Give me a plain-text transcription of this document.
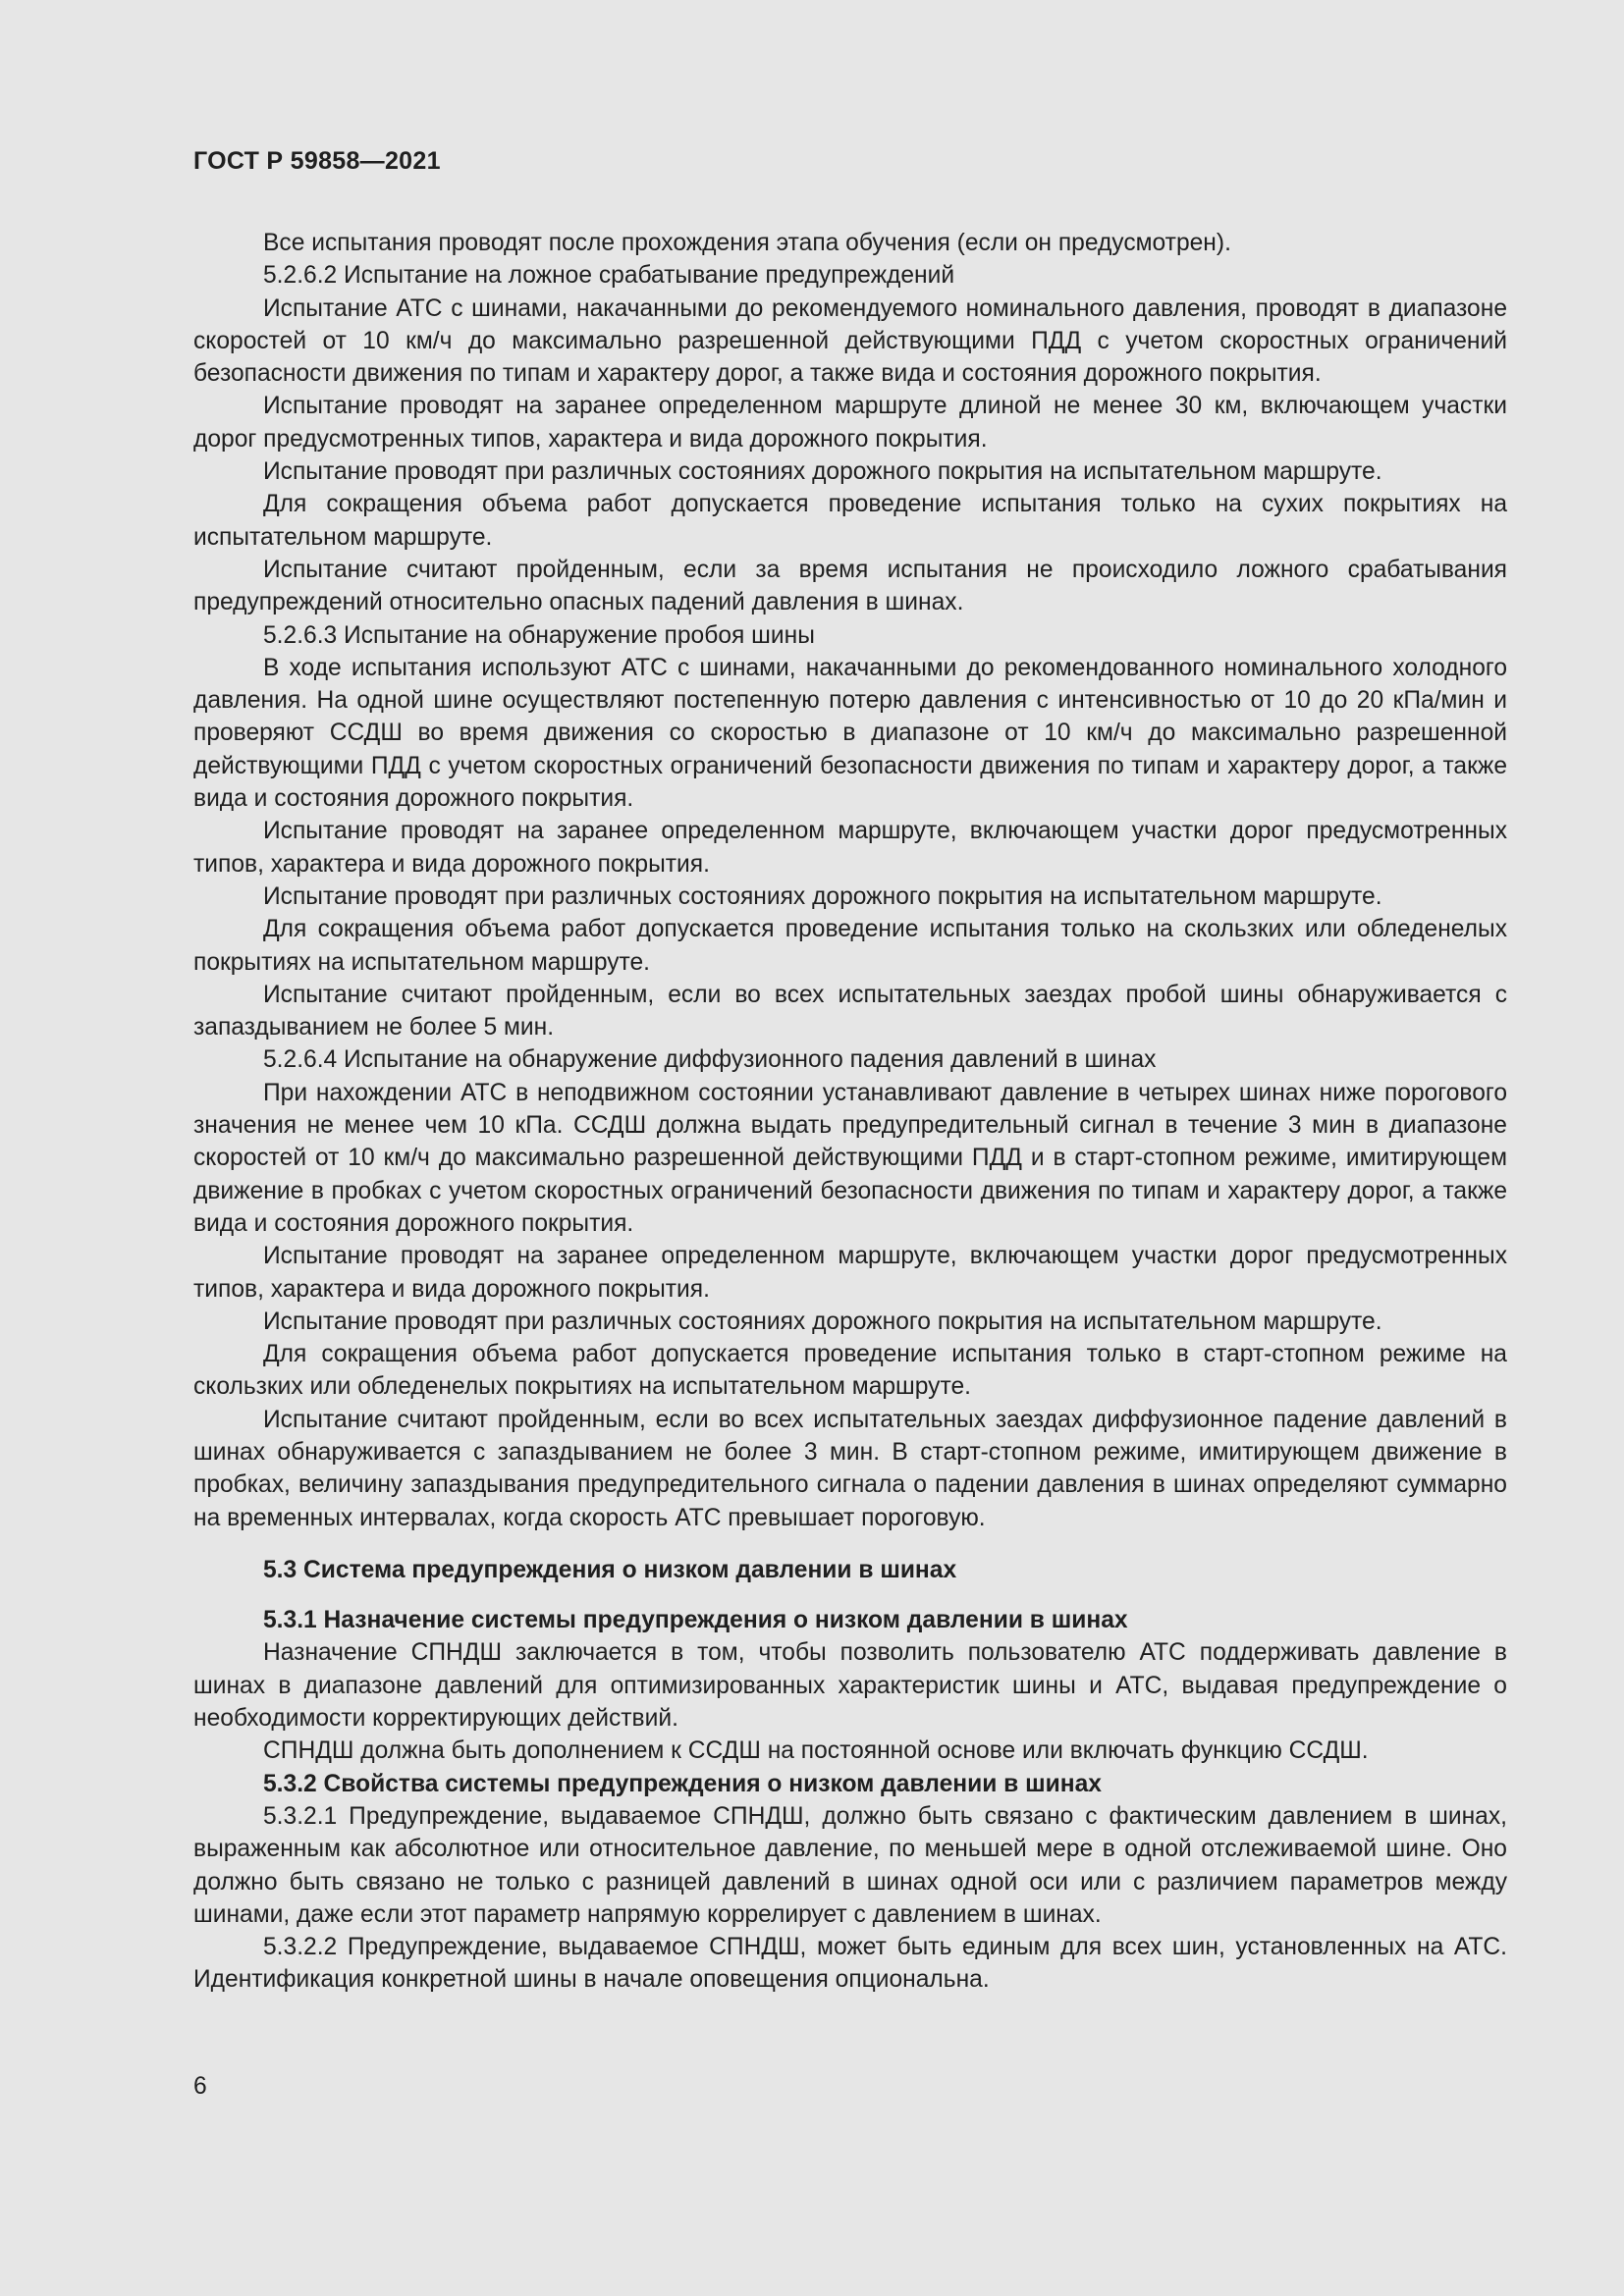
ГОСТ Р 59858—2021

Все испытания проводят после прохождения этапа обучения (если он предусмотрен).

5.2.6.2 Испытание на ложное срабатывание предупреждений

Испытание АТС с шинами, накачанными до рекомендуемого номинального давления, проводят в диапазоне скоростей от 10 км/ч до максимально разрешенной действующими ПДД с учетом скоростных ограничений безопасности движения по типам и характеру дорог, а также вида и состояния дорожного покрытия.

Испытание проводят на заранее определенном маршруте длиной не менее 30 км, включающем участки дорог предусмотренных типов, характера и вида дорожного покрытия.

Испытание проводят при различных состояниях дорожного покрытия на испытательном маршруте.

Для сокращения объема работ допускается проведение испытания только на сухих покрытиях на испытательном маршруте.

Испытание считают пройденным, если за время испытания не происходило ложного срабатывания предупреждений относительно опасных падений давления в шинах.

5.2.6.3 Испытание на обнаружение пробоя шины

В ходе испытания используют АТС с шинами, накачанными до рекомендованного номинального холодного давления. На одной шине осуществляют постепенную потерю давления с интенсивностью от 10 до 20 кПа/мин и проверяют ССДШ во время движения со скоростью в диапазоне от 10 км/ч до максимально разрешенной действующими ПДД с учетом скоростных ограничений безопасности движения по типам и характеру дорог, а также вида и состояния дорожного покрытия.

Испытание проводят на заранее определенном маршруте, включающем участки дорог предусмотренных типов, характера и вида дорожного покрытия.

Испытание проводят при различных состояниях дорожного покрытия на испытательном маршруте.

Для сокращения объема работ допускается проведение испытания только на скользких или обледенелых покрытиях на испытательном маршруте.

Испытание считают пройденным, если во всех испытательных заездах пробой шины обнаруживается с запаздыванием не более 5 мин.

5.2.6.4 Испытание на обнаружение диффузионного падения давлений в шинах

При нахождении АТС в неподвижном состоянии устанавливают давление в четырех шинах ниже порогового значения не менее чем 10 кПа. ССДШ должна выдать предупредительный сигнал в течение 3 мин в диапазоне скоростей от 10 км/ч до максимально разрешенной действующими ПДД и в старт-стопном режиме, имитирующем движение в пробках с учетом скоростных ограничений безопасности движения по типам и характеру дорог, а также вида и состояния дорожного покрытия.

Испытание проводят на заранее определенном маршруте, включающем участки дорог предусмотренных типов, характера и вида дорожного покрытия.

Испытание проводят при различных состояниях дорожного покрытия на испытательном маршруте.

Для сокращения объема работ допускается проведение испытания только в старт-стопном режиме на скользких или обледенелых покрытиях на испытательном маршруте.

Испытание считают пройденным, если во всех испытательных заездах диффузионное падение давлений в шинах обнаруживается с запаздыванием не более 3 мин. В старт-стопном режиме, имитирующем движение в пробках, величину запаздывания предупредительного сигнала о падении давления в шинах определяют суммарно на временных интервалах, когда скорость АТС превышает пороговую.

5.3 Система предупреждения о низком давлении в шинах

5.3.1 Назначение системы предупреждения о низком давлении в шинах

Назначение СПНДШ заключается в том, чтобы позволить пользователю АТС поддерживать давление в шинах в диапазоне давлений для оптимизированных характеристик шины и АТС, выдавая предупреждение о необходимости корректирующих действий.

СПНДШ должна быть дополнением к ССДШ на постоянной основе или включать функцию ССДШ.

5.3.2 Свойства системы предупреждения о низком давлении в шинах

5.3.2.1 Предупреждение, выдаваемое СПНДШ, должно быть связано с фактическим давлением в шинах, выраженным как абсолютное или относительное давление, по меньшей мере в одной отслеживаемой шине. Оно должно быть связано не только с разницей давлений в шинах одной оси или с различием параметров между шинами, даже если этот параметр напрямую коррелирует с давлением в шинах.

5.3.2.2 Предупреждение, выдаваемое СПНДШ, может быть единым для всех шин, установленных на АТС. Идентификация конкретной шины в начале оповещения опциональна.

6
